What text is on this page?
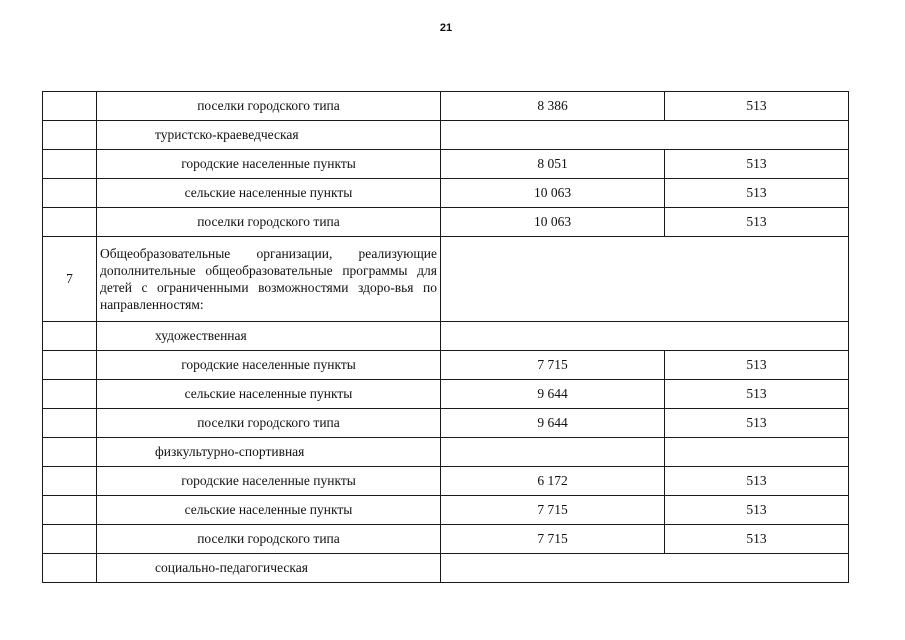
21
	поселки городского типа	8 386	513
	туристско-краеведческая		
	городские населенные пункты	8 051	513
	сельские населенные пункты	10 063	513
	поселки городского типа	10 063	513
7	Общеобразовательные организации, реализующие дополнительные общеобразовательные программы для детей с ограниченными возможностями здоро-вья по направленностям:		
	художественная		
	городские населенные пункты	7 715	513
	сельские населенные пункты	9 644	513
	поселки городского типа	9 644	513
	физкультурно-спортивная		
	городские населенные пункты	6 172	513
	сельские населенные пункты	7 715	513
	поселки городского типа	7 715	513
	социально-педагогическая		
